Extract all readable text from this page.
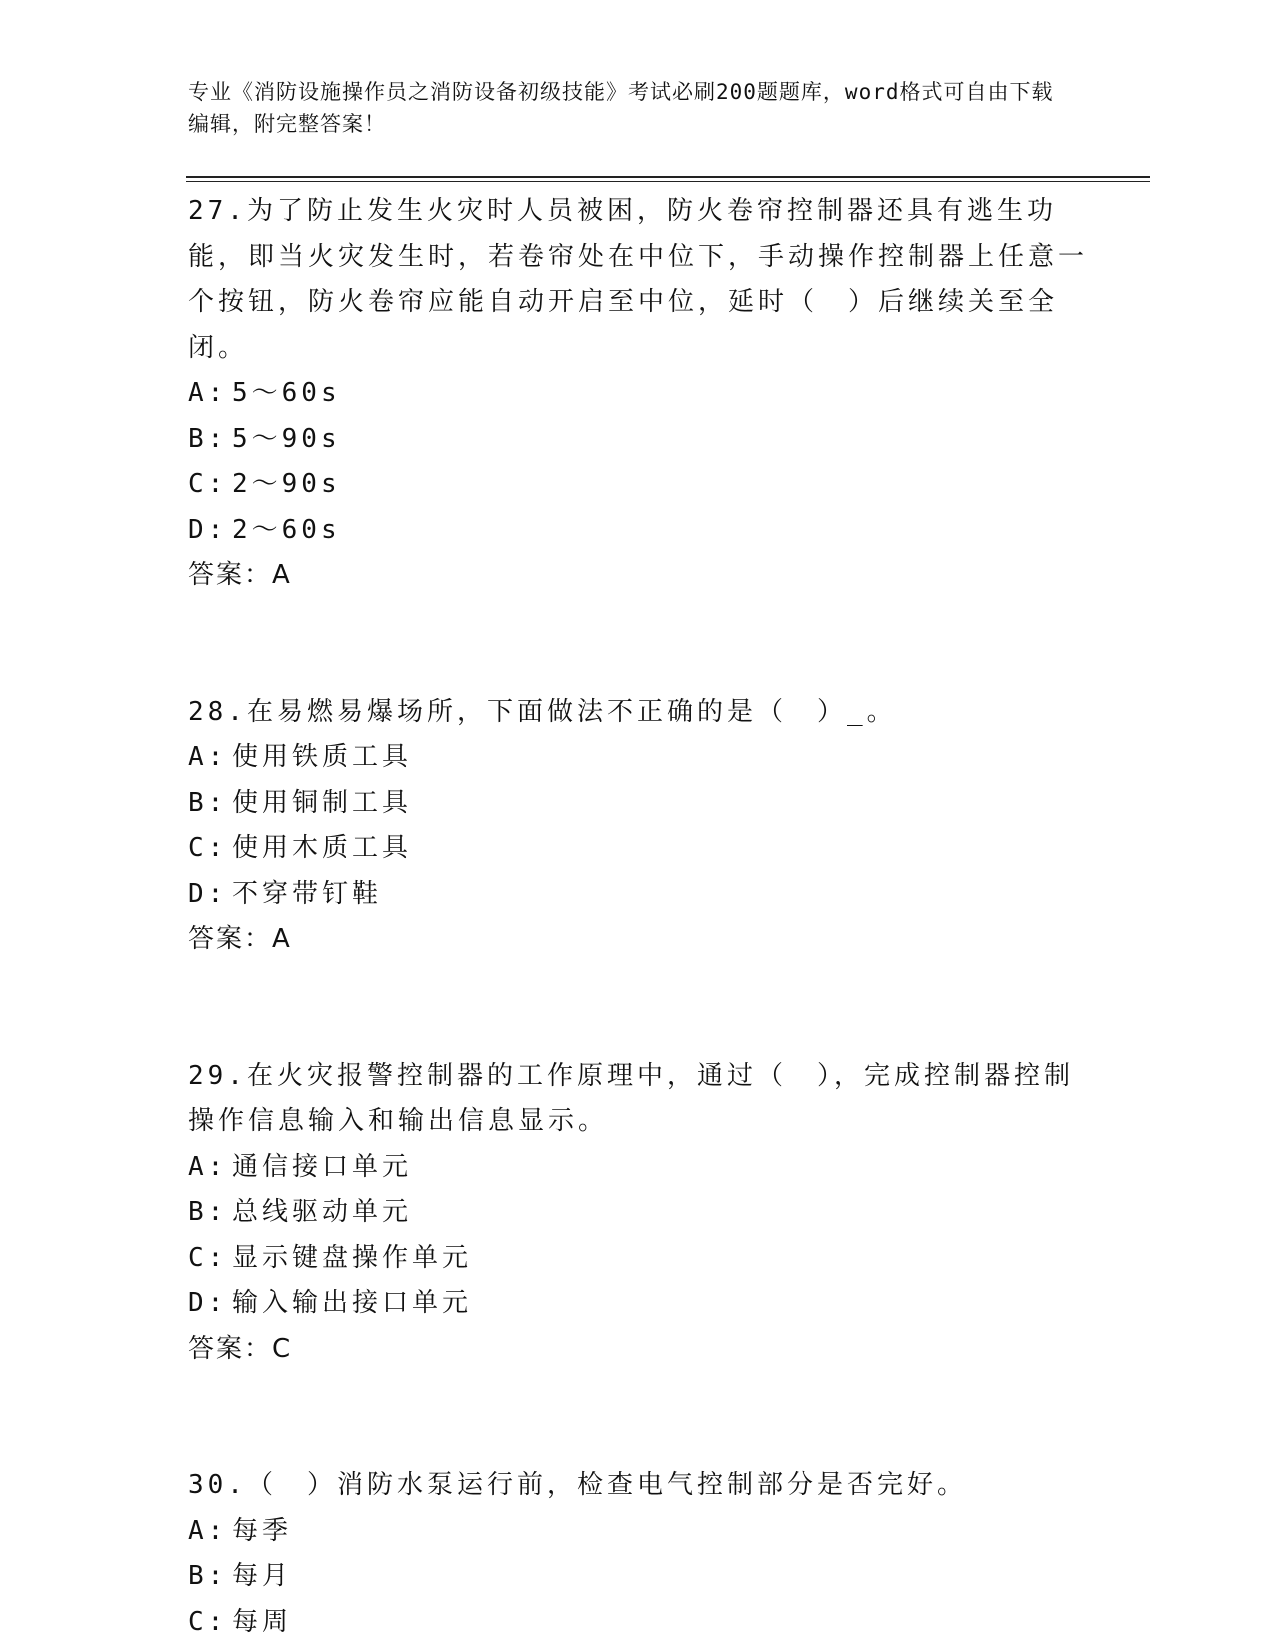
专业《消防设施操作员之消防设备初级技能》考试必刷200题题库，word格式可自由下载编辑，附完整答案！

27.为了防止发生火灾时人员被困，防火卷帘控制器还具有逃生功能，即当火灾发生时，若卷帘处在中位下，手动操作控制器上任意一个按钮，防火卷帘应能自动开启至中位，延时（　）后继续关至全闭。

A: 5～60s

B: 5～90s

C: 2～90s

D: 2～60s

答案：A

28.在易燃易爆场所，下面做法不正确的是（　）_。

A: 使用铁质工具

B: 使用铜制工具

C: 使用木质工具

D: 不穿带钉鞋

答案：A

29.在火灾报警控制器的工作原理中，通过（　），完成控制器控制操作信息输入和输出信息显示。

A: 通信接口单元

B: 总线驱动单元

C: 显示键盘操作单元

D: 输入输出接口单元

答案：C

30.（　）消防水泵运行前，检查电气控制部分是否完好。

A: 每季

B: 每月

C: 每周
